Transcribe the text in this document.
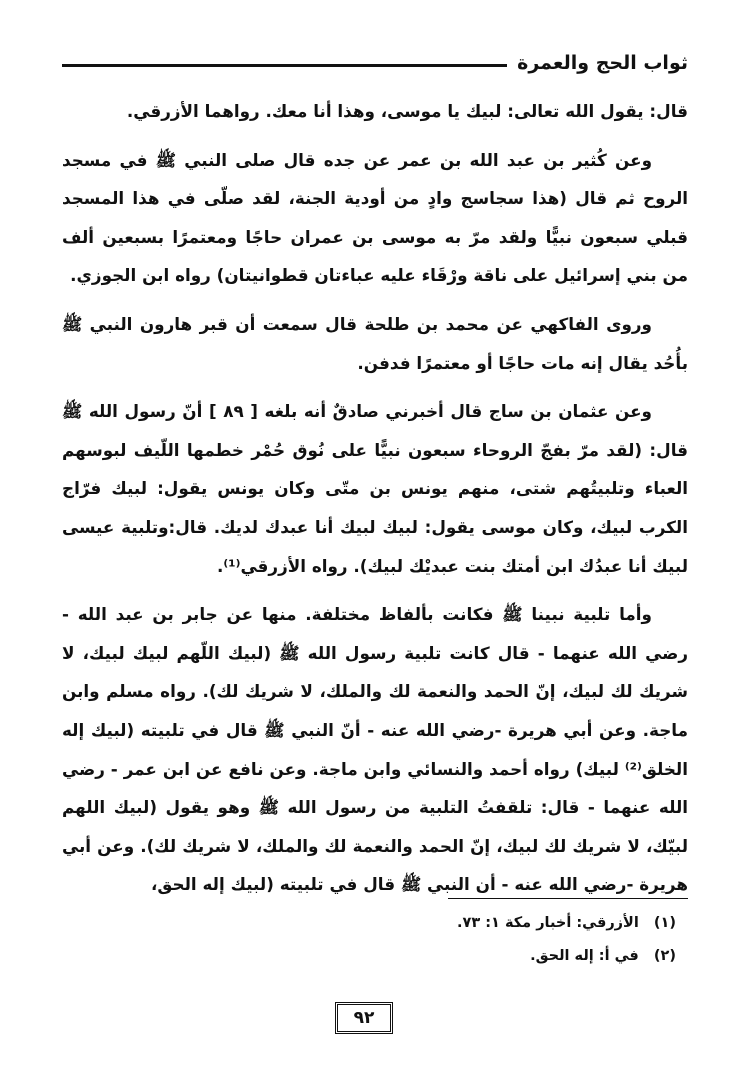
ثواب الحج والعمرة

قال: يقول الله تعالى: لبيك يا موسى، وهذا أنا معك. رواهما الأزرقي.

وعن كُثير بن عبد الله بن عمر عن جده قال صلى النبي ﷺ في مسجد الروح ثم قال (هذا سجاسج وادٍ من أودية الجنة، لقد صلّى في هذا المسجد قبلي سبعون نبيًّا ولقد مرّ به موسى بن عمران حاجًا ومعتمرًا بسبعين ألف من بني إسرائيل على ناقة ورْقَاء عليه عباءتان قطوانيتان) رواه ابن الجوزي.

وروى الفاكهي عن محمد بن طلحة قال سمعت أن قبر هارون النبي ﷺ بأُحُد يقال إنه مات حاجًا أو معتمرًا فدفن.

وعن عثمان بن ساج قال أخبرني صادقٌ أنه بلغه [ ٨٩ ] أنّ رسول الله ﷺ قال: (لقد مرّ بفجّ الروحاء سبعون نبيًّا على نُوق حُمْر خطمها اللّيف لبوسهم العباء وتلبيتُهم شتى، منهم يونس بن متّى وكان يونس يقول: لبيك فرّاج الكرب لبيك، وكان موسى يقول: لبيك لبيك أنا عبدك لديك. قال:وتلبية عيسى لبيك أنا عبدُك ابن أمتك بنت عبديْك لبيك). رواه الأزرقي⁽¹⁾.

وأما تلبية نبينا ﷺ فكانت بألفاظ مختلفة. منها عن جابر بن عبد الله - رضي الله عنهما - قال كانت تلبية رسول الله ﷺ (لبيك اللّهم لبيك لبيك، لا شريك لك لبيك، إنّ الحمد والنعمة لك والملك، لا شريك لك). رواه مسلم وابن ماجة. وعن أبي هريرة -رضي الله عنه - أنّ النبي ﷺ قال في تلبيته (لبيك إله الخلق⁽²⁾ لبيك) رواه أحمد والنسائي وابن ماجة. وعن نافع عن ابن عمر - رضي الله عنهما - قال: تلقفتُ التلبية من رسول الله ﷺ وهو يقول (لبيك اللهم لبيّك، لا شريك لك لبيك، إنّ الحمد والنعمة لك والملك، لا شريك لك). وعن أبي هريرة -رضي الله عنه - أن النبي ﷺ قال في تلبيته (لبيك إله الحق،

(١) الأزرقي: أخبار مكة ١: ٧٣.
(٢) في أ: إله الحق.
٩٢
